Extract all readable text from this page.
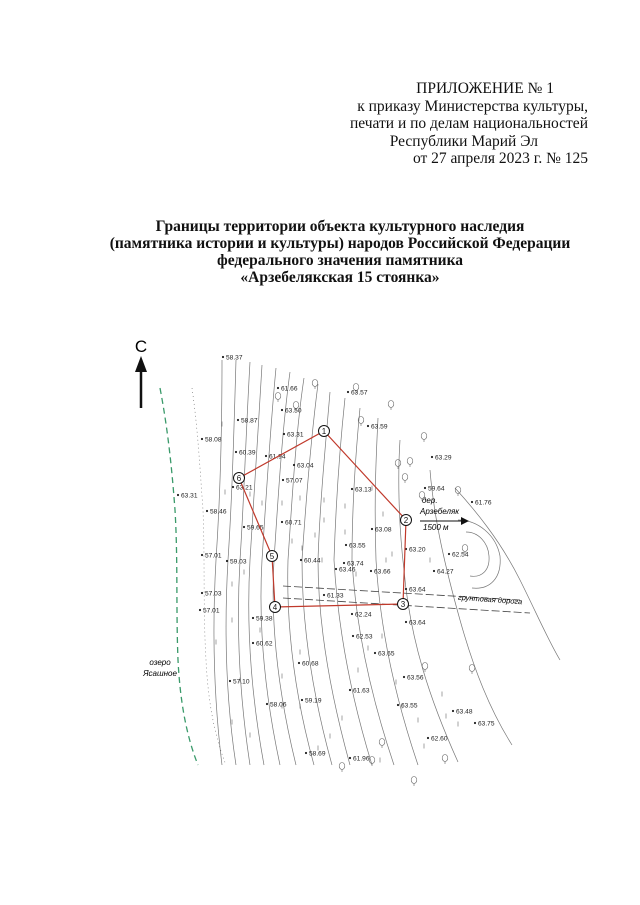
ПРИЛОЖЕНИЕ № 1
к приказу Министерства культуры,
печати и по делам национальностей
Республики Марий Эл
от 27 апреля 2023 г. № 125
Границы территории объекта культурного наследия
(памятника истории и культуры) народов Российской Федерации
федерального значения памятника
«Арзебелякская 15 стоянка»
С
озеро
Ясашное
грунтовая дорога
дер.
Арзебеляк
1500 м
58.37
61.66
63.57
63.50
63.59
58.87
63.31
58.08
60.39
61.94
63.04
63.29
63.13
63.21
57.07
59.64
61.76
63.31
58.46
60.71
63.08
59.65
63.55
57.01
59.03	60.44	63.74
62.54
63.46	63.66
63.20
64.27
57.03
63.64
57.01
61.33
59.38
62.24
63.64
62.53
60.62
60.68
63.65
57.10
63.56
61.63
58.06
59.19
63.55
63.48
63.75
62.60
58.69
61.96
1
2
3
4
5
6
